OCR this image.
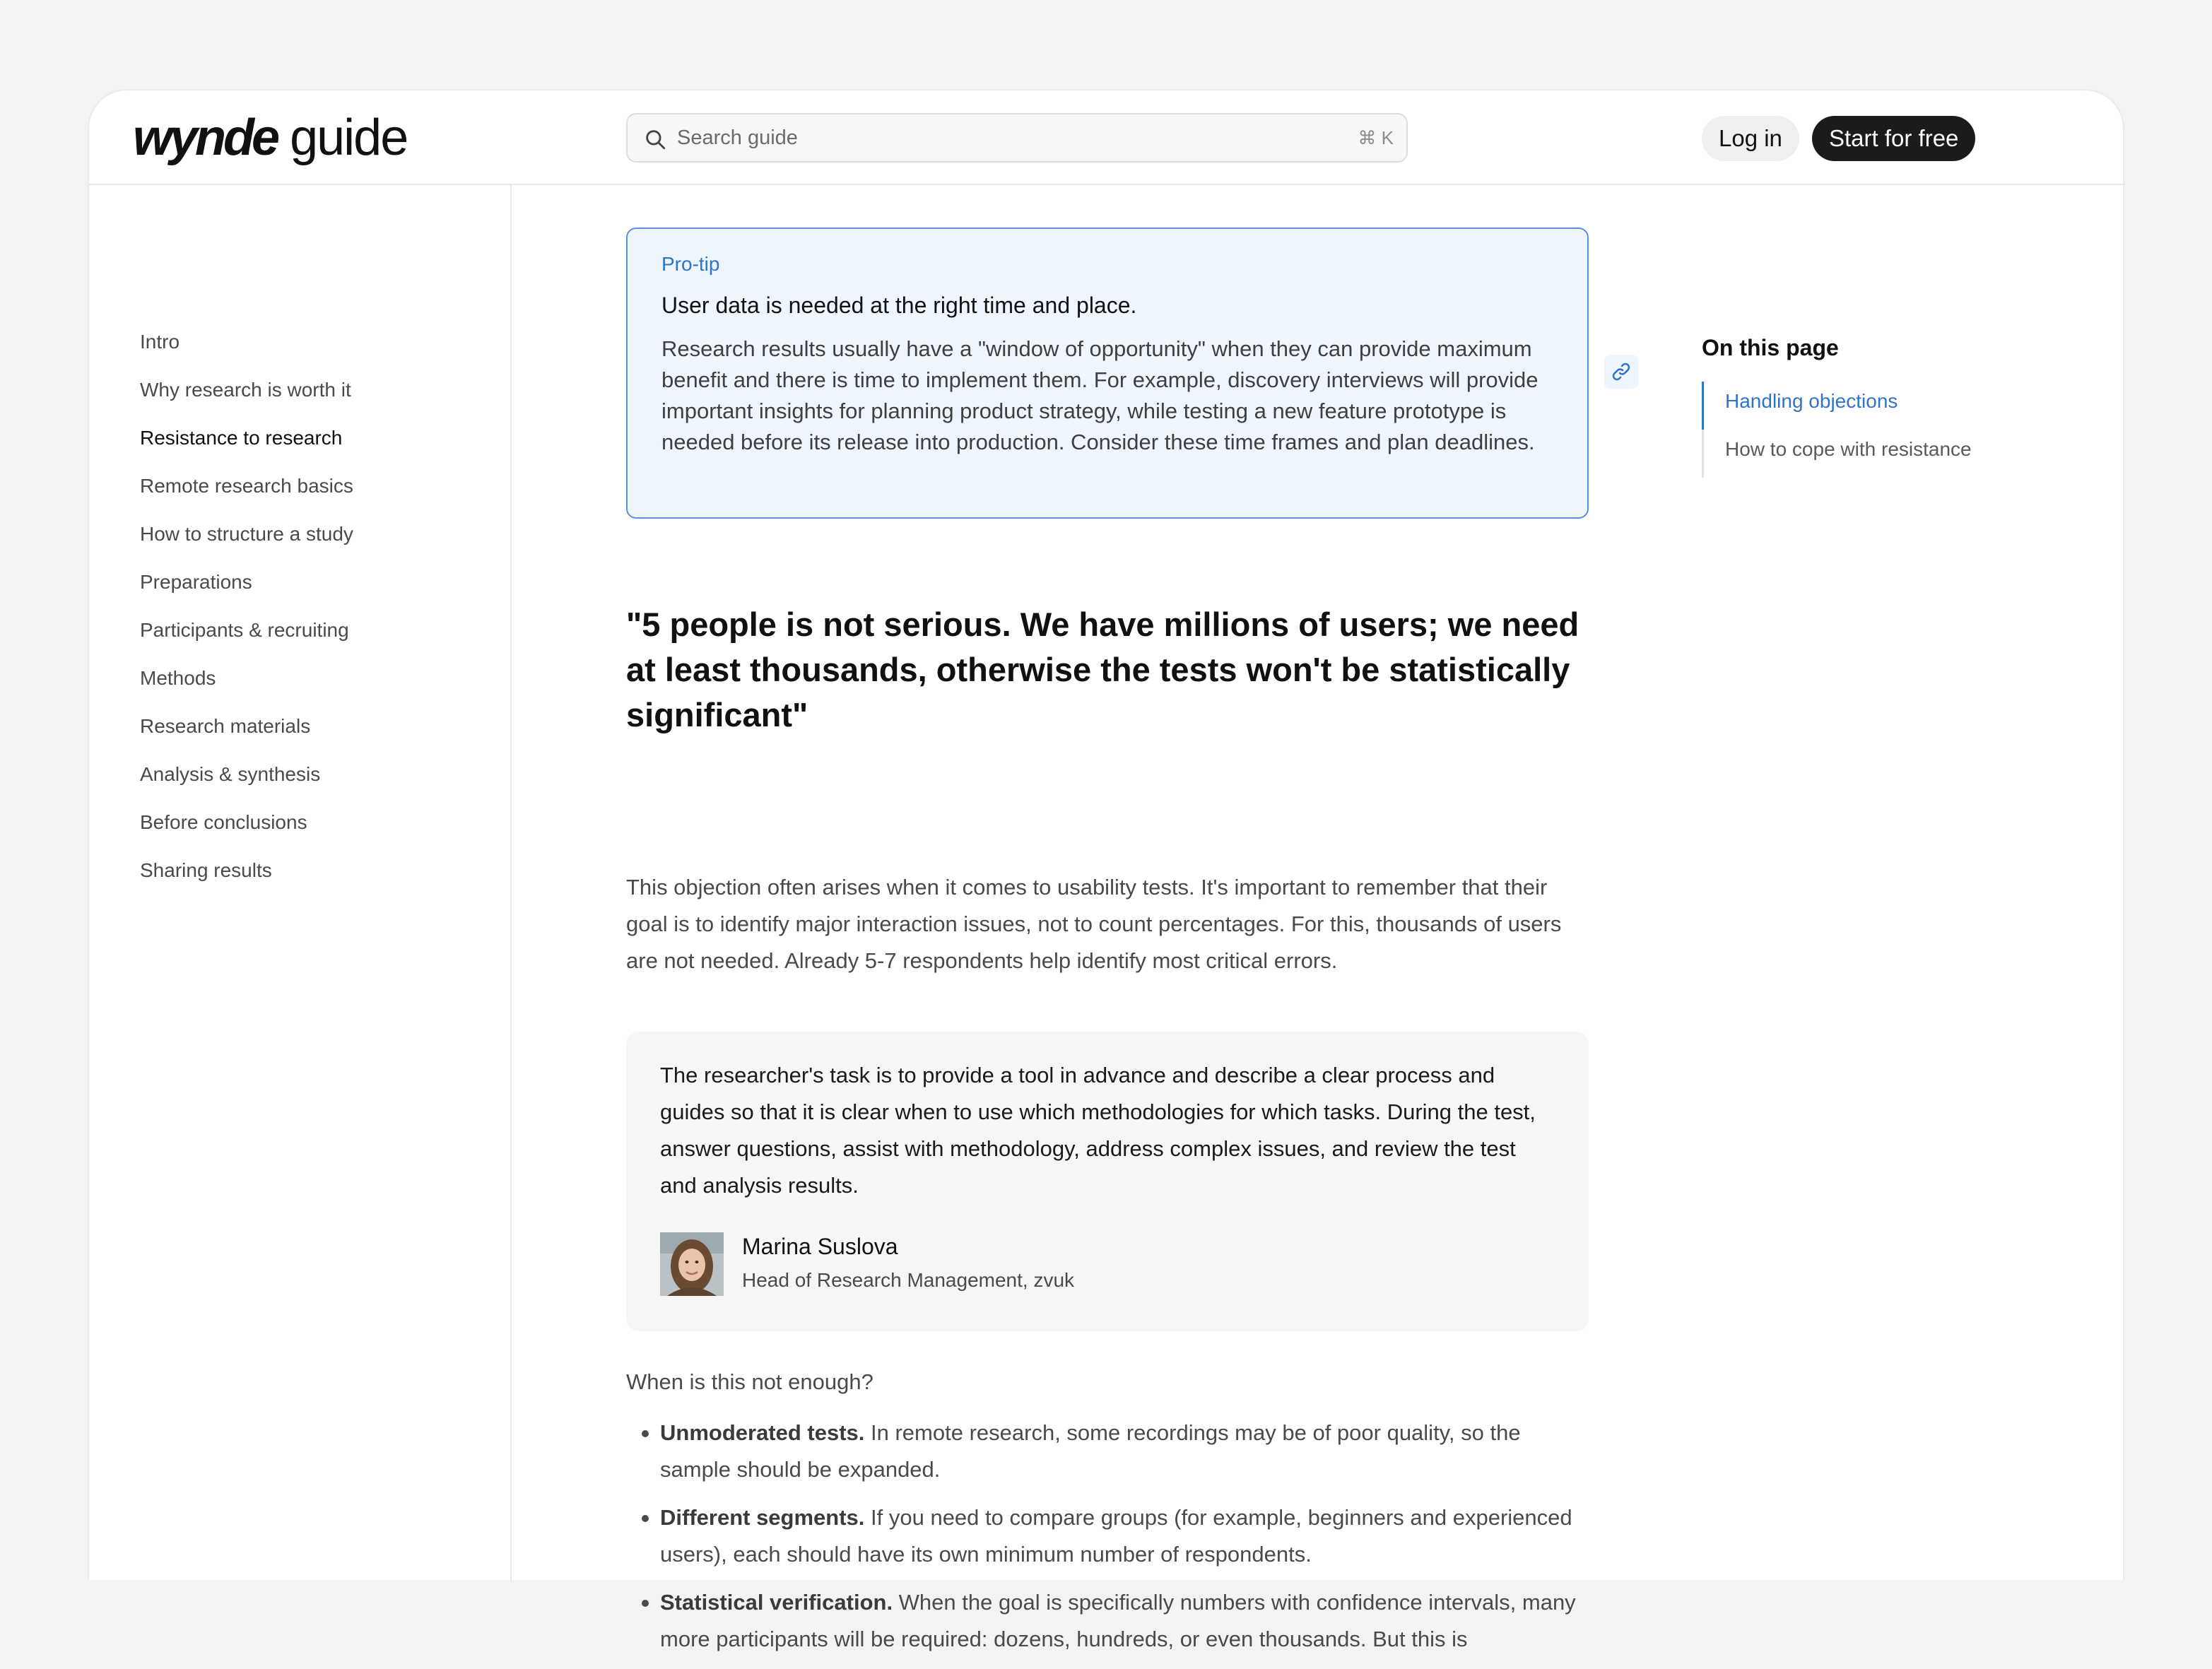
wynde guide	Search guide	⌘ K	Log in	Start for free
Intro
Why research is worth it
Resistance to research
Remote research basics
How to structure a study
Preparations
Participants & recruiting
Methods
Research materials
Analysis & synthesis
Before conclusions
Sharing results
Pro-tip
User data is needed at the right time and place.
Research results usually have a "window of opportunity" when they can provide maximum benefit and there is time to implement them. For example, discovery interviews will provide important insights for planning product strategy, while testing a new feature prototype is needed before its release into production. Consider these time frames and plan deadlines.
"5 people is not serious. We have millions of users; we need at least thousands, otherwise the tests won't be statistically significant"
This objection often arises when it comes to usability tests. It's important to remember that their goal is to identify major interaction issues, not to count percentages. For this, thousands of users are not needed. Already 5-7 respondents help identify most critical errors.
The researcher's task is to provide a tool in advance and describe a clear process and guides so that it is clear when to use which methodologies for which tasks. During the test, answer questions, assist with methodology, address complex issues, and review the test and analysis results.
Marina Suslova
Head of Research Management, zvuk
When is this not enough?
Unmoderated tests. In remote research, some recordings may be of poor quality, so the sample should be expanded.
Different segments. If you need to compare groups (for example, beginners and experienced users), each should have its own minimum number of respondents.
Statistical verification. When the goal is specifically numbers with confidence intervals, many more participants will be required: dozens, hundreds, or even thousands. But this is
On this page
Handling objections
How to cope with resistance
